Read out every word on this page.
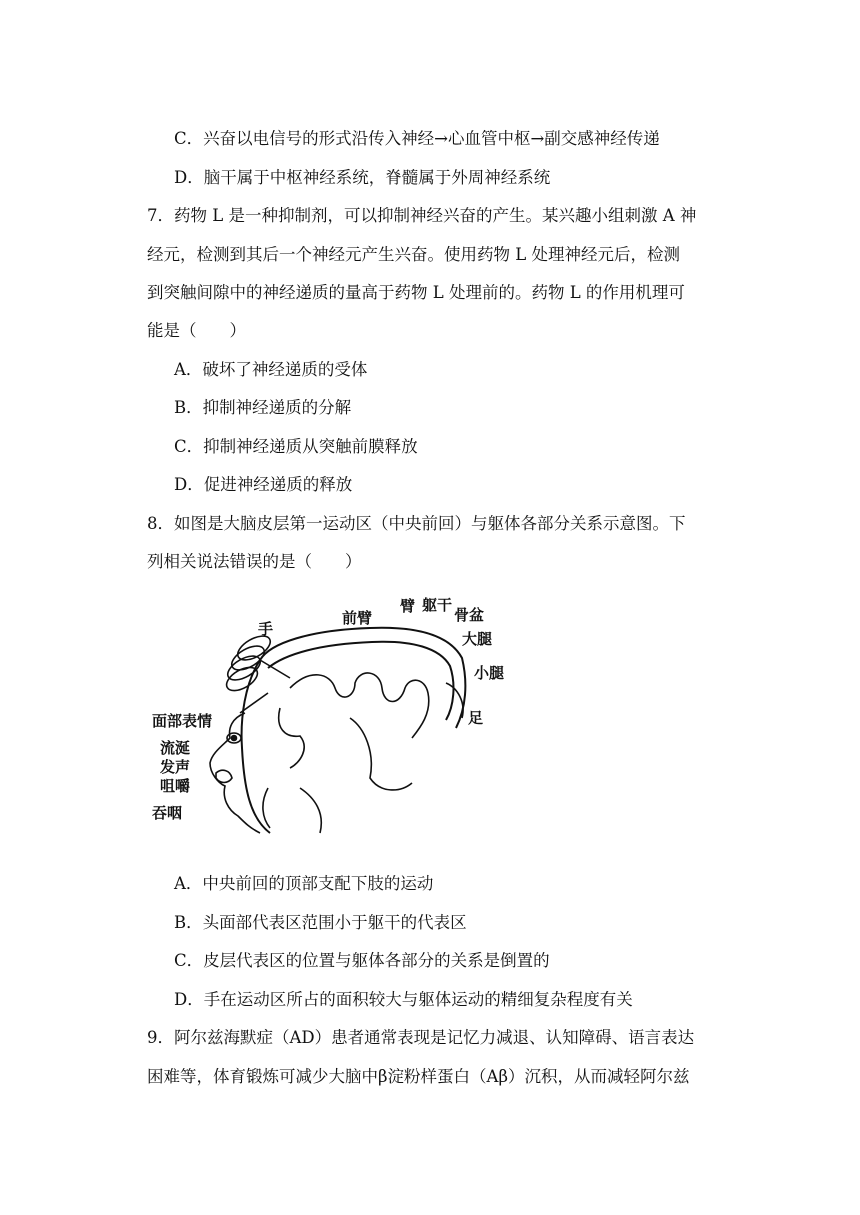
C．兴奋以电信号的形式沿传入神经→心血管中枢→副交感神经传递
D．脑干属于中枢神经系统，脊髓属于外周神经系统
7．药物 L 是一种抑制剂，可以抑制神经兴奋的产生。某兴趣小组刺激 A 神
经元，检测到其后一个神经元产生兴奋。使用药物 L 处理神经元后，检测
到突触间隙中的神经递质的量高于药物 L 处理前的。药物 L 的作用机理可
能是（　　）
A．破坏了神经递质的受体
B．抑制神经递质的分解
C．抑制神经递质从突触前膜释放
D．促进神经递质的释放
8．如图是大脑皮层第一运动区（中央前回）与躯体各部分关系示意图。下
列相关说法错误的是（　　）
手
前臂
臂 躯干
骨盆
大腿
小腿
足
面部表情
流涎
发声
咀嚼
吞咽
A．中央前回的顶部支配下肢的运动
B．头面部代表区范围小于躯干的代表区
C．皮层代表区的位置与躯体各部分的关系是倒置的
D．手在运动区所占的面积较大与躯体运动的精细复杂程度有关
9．阿尔兹海默症（AD）患者通常表现是记忆力减退、认知障碍、语言表达
困难等，体育锻炼可减少大脑中β淀粉样蛋白（Aβ）沉积，从而减轻阿尔兹
